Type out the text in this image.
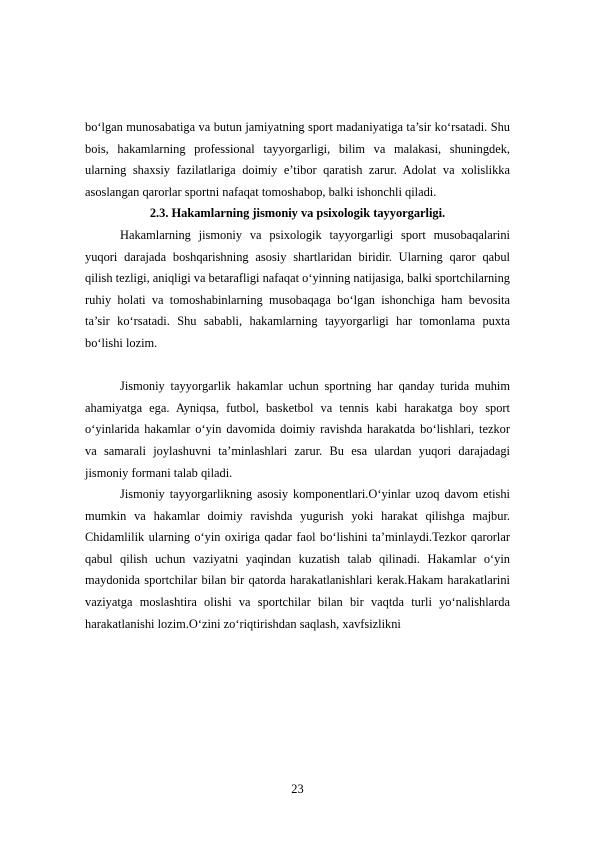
bo‘lgan munosabatiga va butun jamiyatning sport madaniyatiga ta’sir ko‘rsatadi. Shu bois, hakamlarning professional tayyorgarligi, bilim va malakasi, shuningdek, ularning shaxsiy fazilatlariga doimiy e’tibor qaratish zarur. Adolat va xolislikka asoslangan qarorlar sportni nafaqat tomoshabop, balki ishonchli qiladi.

2.3. Hakamlarning jismoniy va psixologik tayyorgarligi.

Hakamlarning jismoniy va psixologik tayyorgarligi sport musobaqalarini yuqori darajada boshqarishning asosiy shartlaridan biridir. Ularning qaror qabul qilish tezligi, aniqligi va betarafligi nafaqat o‘yinning natijasiga, balki sportchilarning ruhiy holati va tomoshabinlarning musobaqaga bo‘lgan ishonchiga ham bevosita ta’sir ko‘rsatadi. Shu sababli, hakamlarning tayyorgarligi har tomonlama puxta bo‘lishi lozim.

Jismoniy tayyorgarlik hakamlar uchun sportning har qanday turida muhim ahamiyatga ega. Ayniqsa, futbol, basketbol va tennis kabi harakatga boy sport o‘yinlarida hakamlar o‘yin davomida doimiy ravishda harakatda bo‘lishlari, tezkor va samarali joylashuvni ta’minlashlari zarur. Bu esa ulardan yuqori darajadagi jismoniy formani talab qiladi.

Jismoniy tayyorgarlikning asosiy komponentlari.O‘yinlar uzoq davom etishi mumkin va hakamlar doimiy ravishda yugurish yoki harakat qilishga majbur. Chidamlilik ularning o‘yin oxiriga qadar faol bo‘lishini ta’minlaydi.Tezkor qarorlar qabul qilish uchun vaziyatni yaqindan kuzatish talab qilinadi. Hakamlar o‘yin maydonida sportchilar bilan bir qatorda harakatlanishlari kerak.Hakam harakatlarini vaziyatga moslashtira olishi va sportchilar bilan bir vaqtda turli yo‘nalishlarda harakatlanishi lozim.O‘zini zo‘riqtirishdan saqlash, xavfsizlikni

23
